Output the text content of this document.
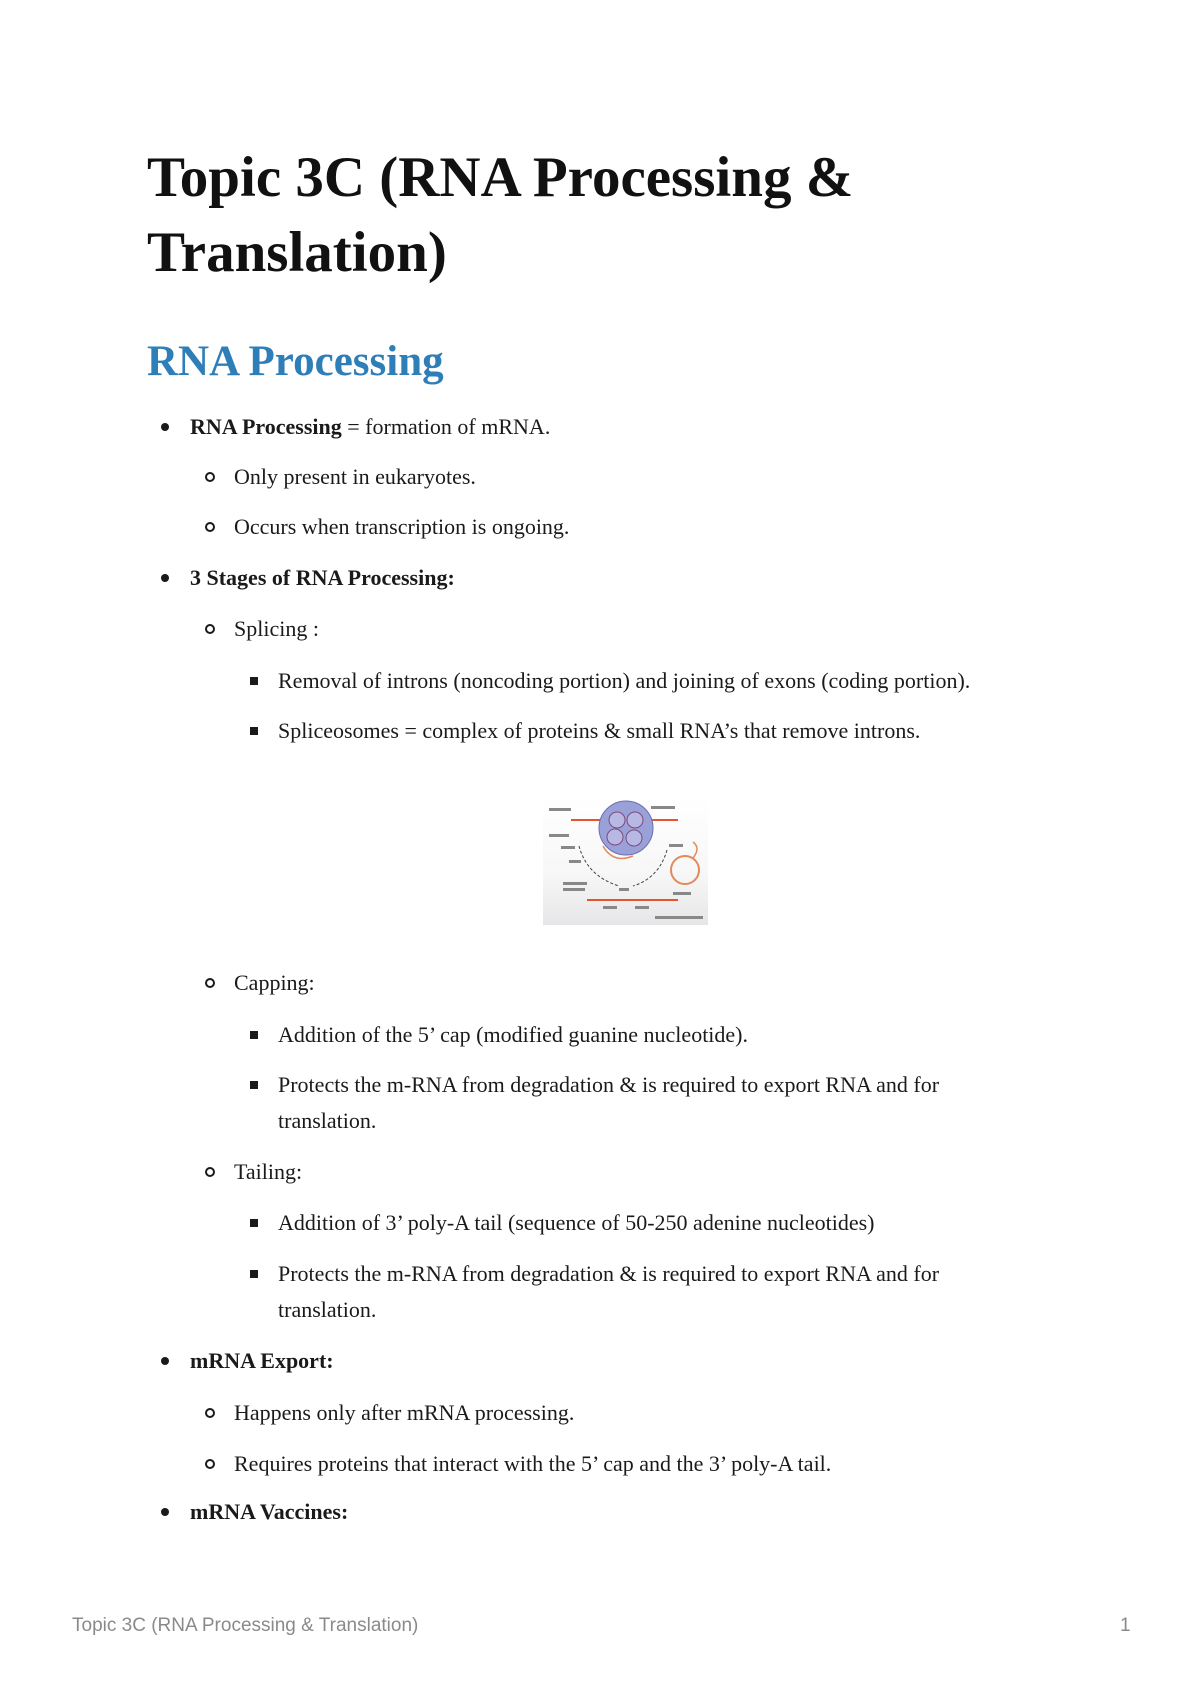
Topic 3C (RNA Processing & Translation)
RNA Processing
RNA Processing = formation of mRNA.
Only present in eukaryotes.
Occurs when transcription is ongoing.
3 Stages of RNA Processing:
Splicing :
Removal of introns (noncoding portion) and joining of exons (coding portion).
Spliceosomes = complex of proteins & small RNA’s that remove introns.
Capping:
Addition of the 5’ cap (modified guanine nucleotide).
Protects the m-RNA from degradation & is required to export RNA and for
translation.
Tailing:
Addition of 3’ poly-A tail (sequence of 50-250 adenine nucleotides)
Protects the m-RNA from degradation & is required to export RNA and for
translation.
mRNA Export:
Happens only after mRNA processing.
Requires proteins that interact with the 5’ cap and the 3’ poly-A tail.
mRNA Vaccines:
Topic 3C (RNA Processing & Translation)	1
